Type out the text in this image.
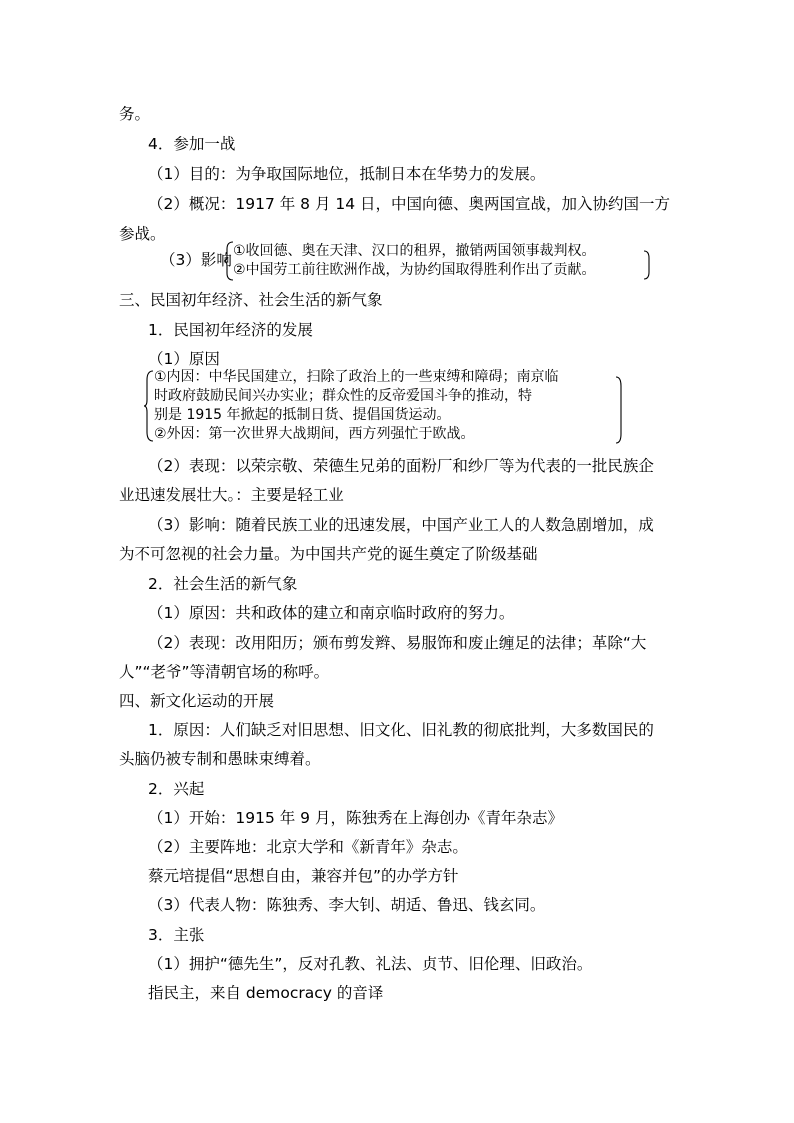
务。
4．参加一战
（1）目的：为争取国际地位，抵制日本在华势力的发展。
（2）概况：1917 年 8 月 14 日，中国向德、奥两国宣战，加入协约国一方
参战。
（3）影响 ①收回德、奥在天津、汉口的租界，撤销两国领事裁判权。
②中国劳工前往欧洲作战，为协约国取得胜利作出了贡献。
三、民国初年经济、社会生活的新气象
1．民国初年经济的发展
（1）原因
①内因：中华民国建立，扫除了政治上的一些束缚和障碍；南京临
时政府鼓励民间兴办实业；群众性的反帝爱国斗争的推动，特
别是 1915 年掀起的抵制日货、提倡国货运动。
②外因：第一次世界大战期间，西方列强忙于欧战。
（2）表现：以荣宗敬、荣德生兄弟的面粉厂和纱厂等为代表的一批民族企
业迅速发展壮大。：主要是轻工业
（3）影响：随着民族工业的迅速发展，中国产业工人的人数急剧增加，成
为不可忽视的社会力量。为中国共产党的诞生奠定了阶级基础
2．社会生活的新气象
（1）原因：共和政体的建立和南京临时政府的努力。
（2）表现：改用阳历；颁布剪发辫、易服饰和废止缠足的法律；革除“大
人”“老爷”等清朝官场的称呼。
四、新文化运动的开展
1．原因：人们缺乏对旧思想、旧文化、旧礼教的彻底批判，大多数国民的
头脑仍被专制和愚昧束缚着。
2．兴起
（1）开始：1915 年 9 月，陈独秀在上海创办《青年杂志》
（2）主要阵地：北京大学和《新青年》杂志。
蔡元培提倡“思想自由，兼容并包”的办学方针
（3）代表人物：陈独秀、李大钊、胡适、鲁迅、钱玄同。
3．主张
（1）拥护“德先生”，反对孔教、礼法、贞节、旧伦理、旧政治。
指民主，来自 democracy 的音译
